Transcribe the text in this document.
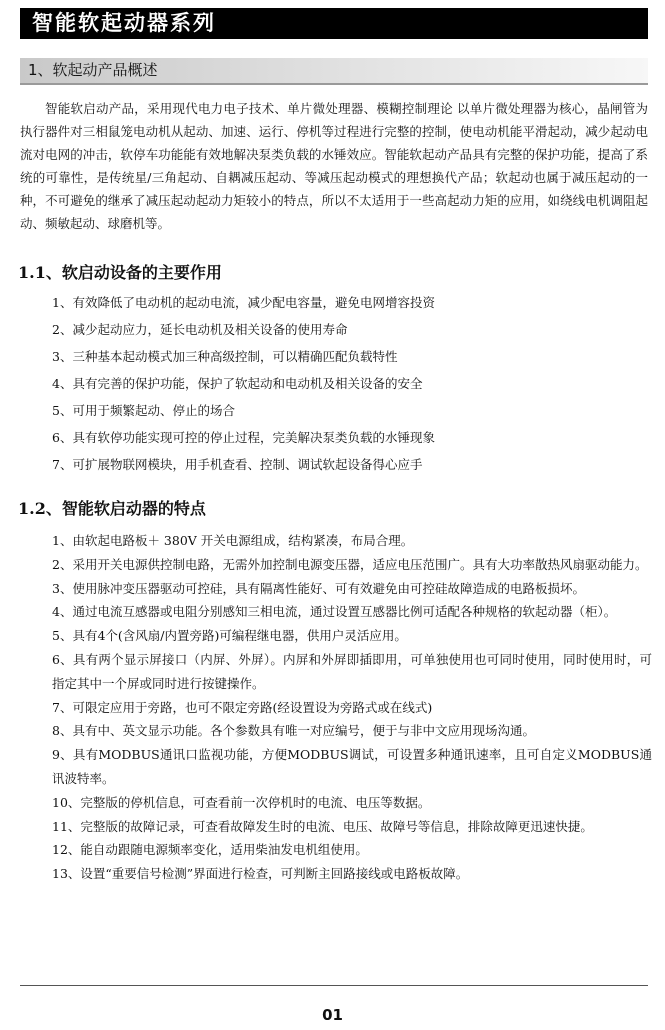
智能软起动器系列
1、软起动产品概述

智能软启动产品，采用现代电力电子技术、单片微处理器、模糊控制理论 以单片微处理器为核心，晶闸管为执行器件对三相鼠笼电动机从起动、加速、运行、停机等过程进行完整的控制，使电动机能平滑起动，减少起动电流对电网的冲击，软停车功能能有效地解决泵类负载的水锤效应。智能软起动产品具有完整的保护功能，提高了系统的可靠性，是传统星/三角起动、自耦减压起动、等减压起动模式的理想换代产品；软起动也属于减压起动的一种，不可避免的继承了减压起动起动力矩较小的特点，所以不太适用于一些高起动力矩的应用，如绕线电机调阻起动、频敏起动、球磨机等。

1.1、软启动设备的主要作用
1、有效降低了电动机的起动电流，减少配电容量，避免电网增容投资
2、减少起动应力，延长电动机及相关设备的使用寿命
3、三种基本起动模式加三种高级控制，可以精确匹配负载特性
4、具有完善的保护功能，保护了软起动和电动机及相关设备的安全
5、可用于频繁起动、停止的场合
6、具有软停功能实现可控的停止过程，完美解决泵类负载的水锤现象
7、可扩展物联网模块，用手机查看、控制、调试软起设备得心应手
1.2、智能软启动器的特点
1、由软起电路板＋ 380V 开关电源组成，结构紧凑，布局合理。
2、采用开关电源供控制电路，无需外加控制电源变压器，适应电压范围广。具有大功率散热风扇驱动能力。
3、使用脉冲变压器驱动可控硅，具有隔离性能好、可有效避免由可控硅故障造成的电路板损坏。
4、通过电流互感器或电阻分别感知三相电流，通过设置互感器比例可适配各种规格的软起动器（柜）。
5、具有4个(含风扇/内置旁路)可编程继电器，供用户灵活应用。
6、具有两个显示屏接口（内屏、外屏）。内屏和外屏即插即用，可单独使用也可同时使用，同时使用时，可指定其中一个屏或同时进行按键操作。
7、可限定应用于旁路，也可不限定旁路(经设置设为旁路式或在线式)
8、具有中、英文显示功能。各个参数具有唯一对应编号，便于与非中文应用现场沟通。
9、具有MODBUS通讯口监视功能，方便MODBUS调试，可设置多种通讯速率，且可自定义MODBUS通讯波特率。
10、完整版的停机信息，可查看前一次停机时的电流、电压等数据。
11、完整版的故障记录，可查看故障发生时的电流、电压、故障号等信息，排除故障更迅速快捷。
12、能自动跟随电源频率变化，适用柴油发电机组使用。
13、设置“重要信号检测”界面进行检查，可判断主回路接线或电路板故障。
01
